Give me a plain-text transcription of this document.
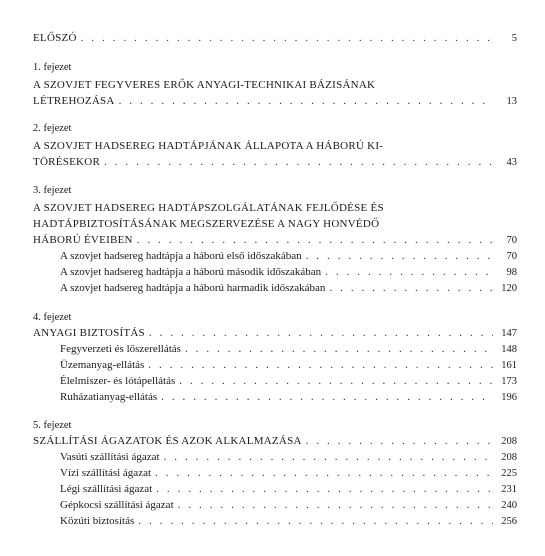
ELŐSZÓ . . .	5
1. fejezet
A SZOVJET FEGYVERES ERŐK ANYAGI-TECHNIKAI BÁZISÁNAK
LÉTREHOZÁSA . . .	13
2. fejezet
A SZOVJET HADSEREG HADTÁPJÁNAK ÁLLAPOTA A HÁBORÚ KI-
TÖRÉSEKOR . . .	43
3. fejezet
A SZOVJET HADSEREG HADTÁPSZOLGÁLATÁNAK FEJLŐDÉSE ÉS
HADTÁPBIZTOSÍTÁSÁNAK MEGSZERVEZÉSE A NAGY HONVÉDŐ
HÁBORÚ ÉVEIBEN . . .	70
A szovjet hadsereg hadtápja a háború első időszakában . . .	70
A szovjet hadsereg hadtápja a háború második időszakában . . .	98
A szovjet hadsereg hadtápja a háború harmadik időszakában . . .	120
4. fejezet
ANYAGI BIZTOSÍTÁS . . .	147
Fegyverzeti és lőszerellátás . . .	148
Üzemanyag-ellátás . . .	161
Élelmiszer- és lótápellátás . . .	173
Ruházatianyag-ellátás . . .	196
5. fejezet
SZÁLLÍTÁSI ÁGAZATOK ÉS AZOK ALKALMAZÁSA . . .	208
Vasúti szállítási ágazat . . .	208
Vízi szállítási ágazat . . .	225
Légi szállítási ágazat . . .	231
Gépkocsi szállítási ágazat . . .	240
Közúti biztosítás . . .	256
